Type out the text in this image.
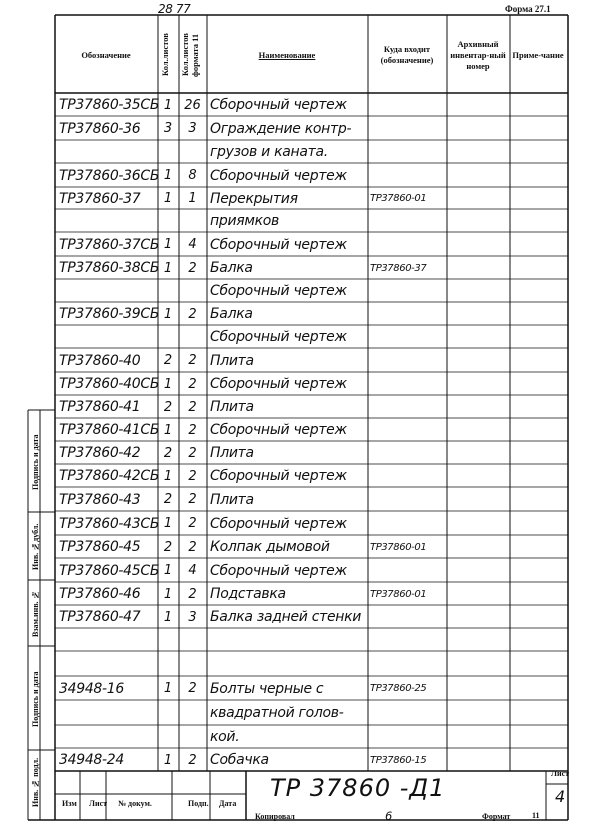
Форма 27.1
28 77
Обозначение	Кол.листов	Кол.листов формата 11	Наименование
Куда входит (обозначение)
Архивный инвентар-ный номер
Приме-чание
ТР37860-35СБ 1 26 Сборочный чертеж
ТР37860-36	3	3 Ограждение контр-
грузов и каната.
ТР37860-36СБ 1	8 Сборочный чертеж
ТР37860-37	1	1 Перекрытия	ТР37860-01
приямков
ТР37860-37СБ 1	4 Сборочный чертеж
ТР37860-38СБ 1	2 Балка	ТР37860-37
Сборочный чертеж
ТР37860-39СБ 1	2 Балка
Сборочный чертеж
ТР37860-40	2	2 Плита
ТР37860-40СБ 1	2 Сборочный чертеж
ТР37860-41	2	2 Плита
ТР37860-41СБ 1	2 Сборочный чертеж
ТР37860-42	2	2 Плита
ТР37860-42СБ 1	2 Сборочный чертеж
ТР37860-43	2	2 Плита
ТР37860-43СБ 1	2 Сборочный чертеж
ТР37860-45	2	2 Колпак дымовой	ТР37860-01
ТР37860-45СБ 1	4 Сборочный чертеж
ТР37860-46	1	2 Подставка	ТР37860-01
ТР37860-47	1	3 Балка задней стенки
34948-16	1	2 Болты черные с	ТР37860-25
квадратной голов-
кой.
34948-24	1	2 Собачка	ТР37860-15
Подпись и дата
Инв. №дубл.
Взам.инв. №
Подпись и дата
Инв. № подл.	Изм Лист № докум.	Подп. Дата
ТР 37860 -Д1
Лист
4
Копировал	6	Формат	11
